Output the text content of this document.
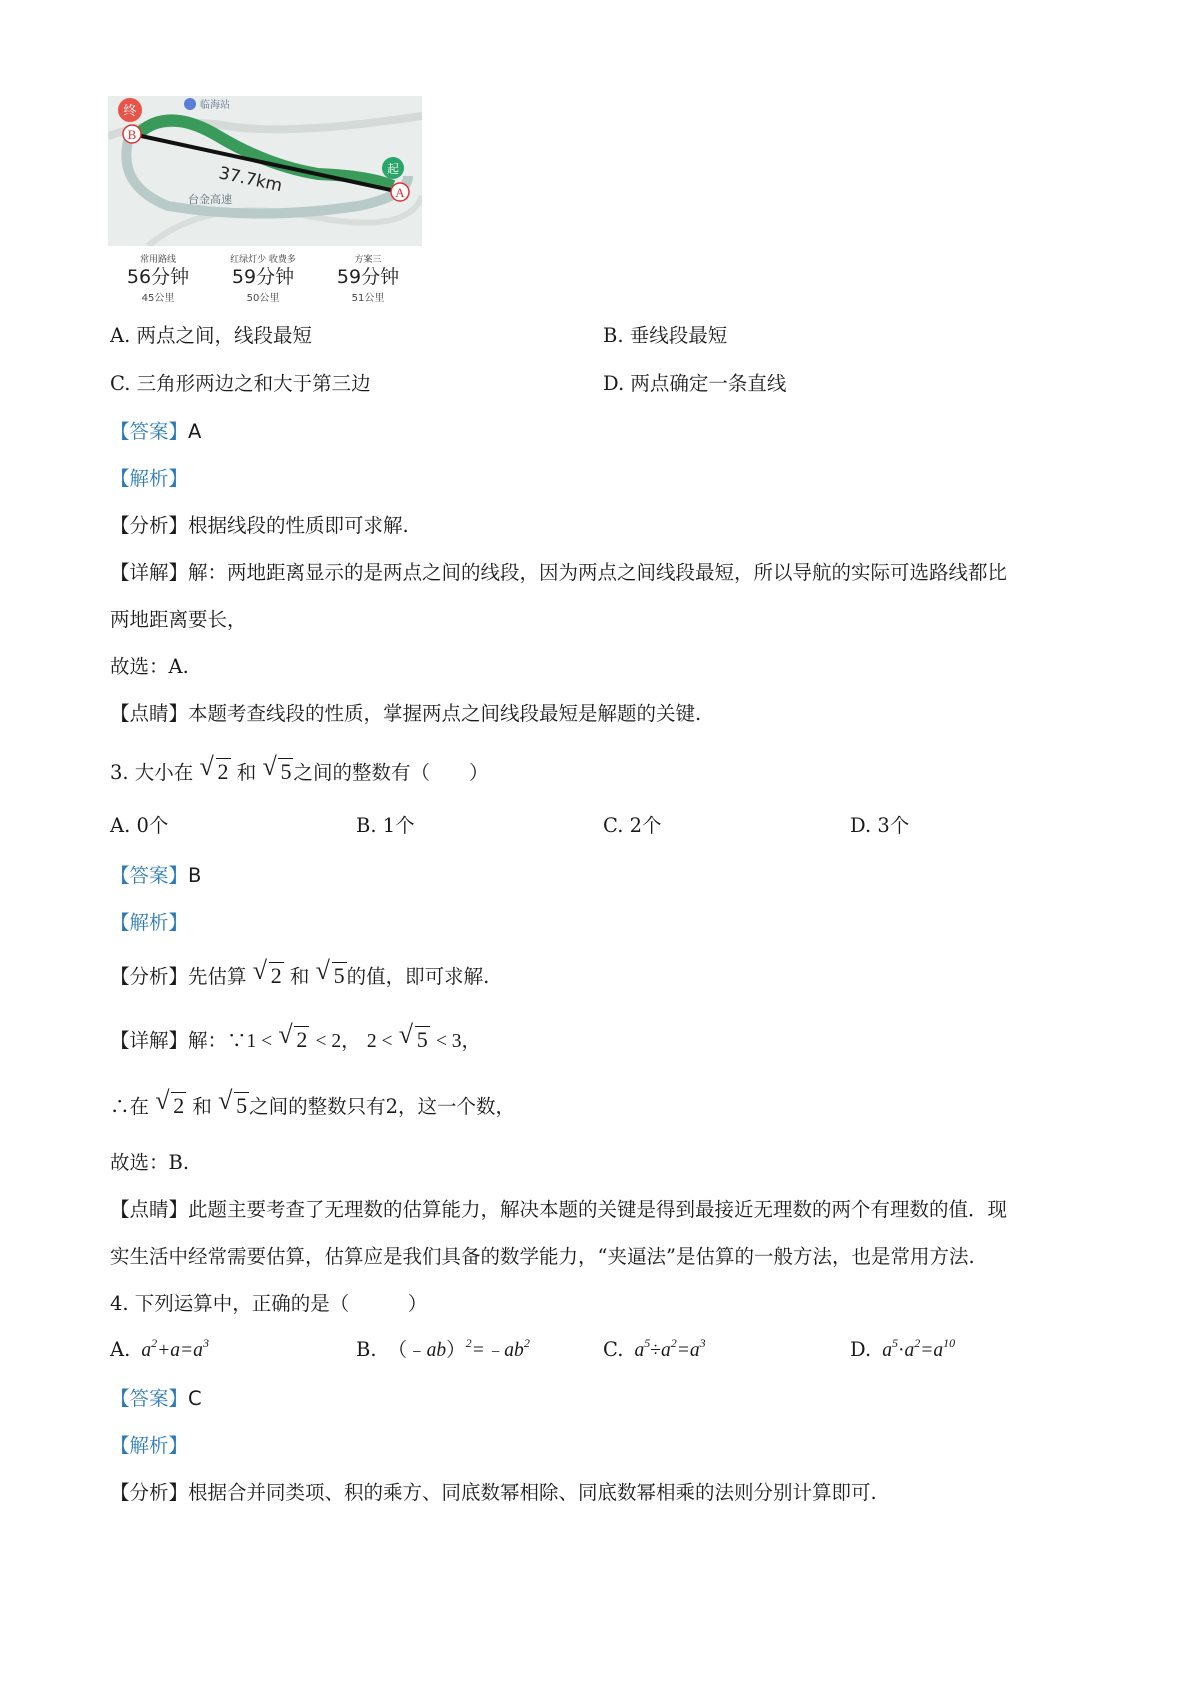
终
B
起
A
37.7km
临海站
台金高速
常用路线
56分钟
45公里
红绿灯少 收费多
59分钟
50公里
方案三
59分钟
51公里
A. 两点之间，线段最短	B. 垂线段最短
C. 三角形两边之和大于第三边	D. 两点确定一条直线
【答案】A
【解析】
【分析】根据线段的性质即可求解.
【详解】解：两地距离显示的是两点之间的线段，因为两点之间线段最短，所以导航的实际可选路线都比
两地距离要长，
故选：A.
【点睛】本题考查线段的性质，掌握两点之间线段最短是解题的关键.
3. 大小在 √ 2 和 √ 5 之间的整数有（　　）
A. 0个	B. 1个	C. 2个	D. 3个
【答案】B
【解析】
【分析】先估算 √ 2 和 √ 5 的值，即可求解.
【详解】解：∵1 < √ 2 < 2， 2 < √ 5 < 3，
∴在 √ 2 和 √ 5 之间的整数只有2，这一个数，
故选：B.
【点睛】此题主要考查了无理数的估算能力，解决本题的关键是得到最接近无理数的两个有理数的值．现
实生活中经常需要估算，估算应是我们具备的数学能力，“夹逼法”是估算的一般方法，也是常用方法.
4. 下列运算中，正确的是（　　　）
A.  $a^2+a=a^3$	B. $(﹣ab)^2=﹣ab^2$	C.  $a^5\div a^2=a^3$	D.  $a^5\cdot a^2=a^{10}$
【答案】C
【解析】
【分析】根据合并同类项、积的乘方、同底数幂相除、同底数幂相乘的法则分别计算即可.
